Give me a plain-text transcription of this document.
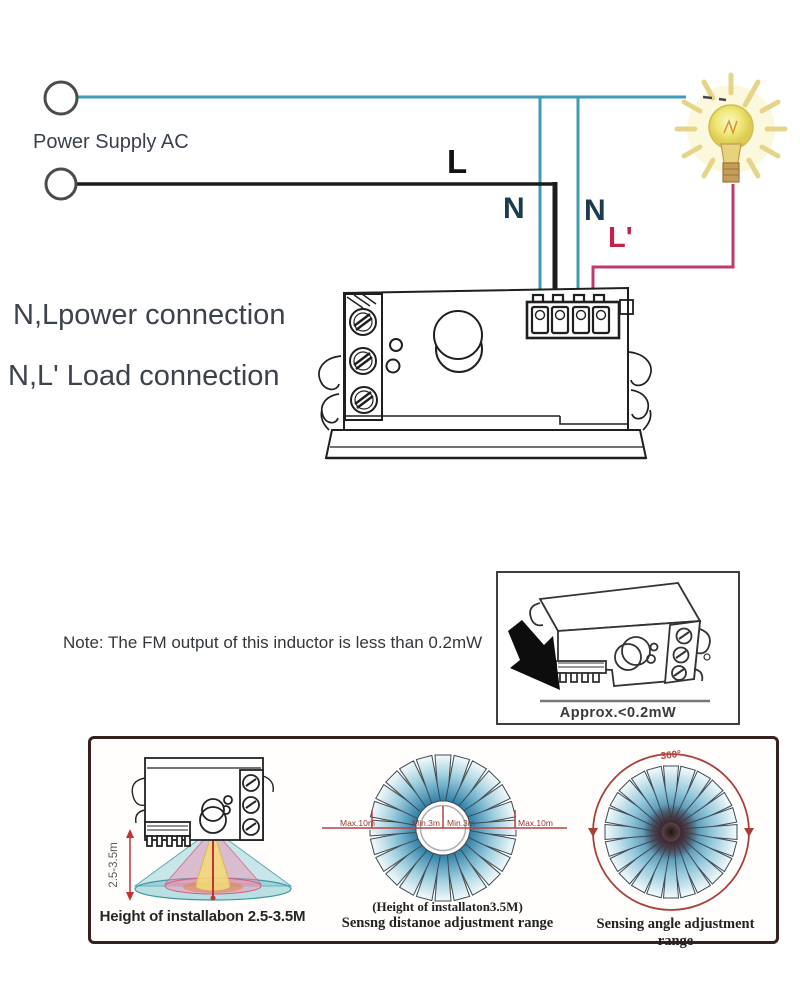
Power Supply AC
L
N N
L'
N,Lpower connection
N,L' Load connection
Note: The FM output of this inductor is less than 0.2mW
Approx.<0.2mW
2.5-3.5m
Max.10m	Min.3m Min.3m	Max.10m
360°
Height of installabon 2.5-3.5M
(Height of installaton3.5M)
Sensng distanoe adjustment range	Sensing angle adjustment range
